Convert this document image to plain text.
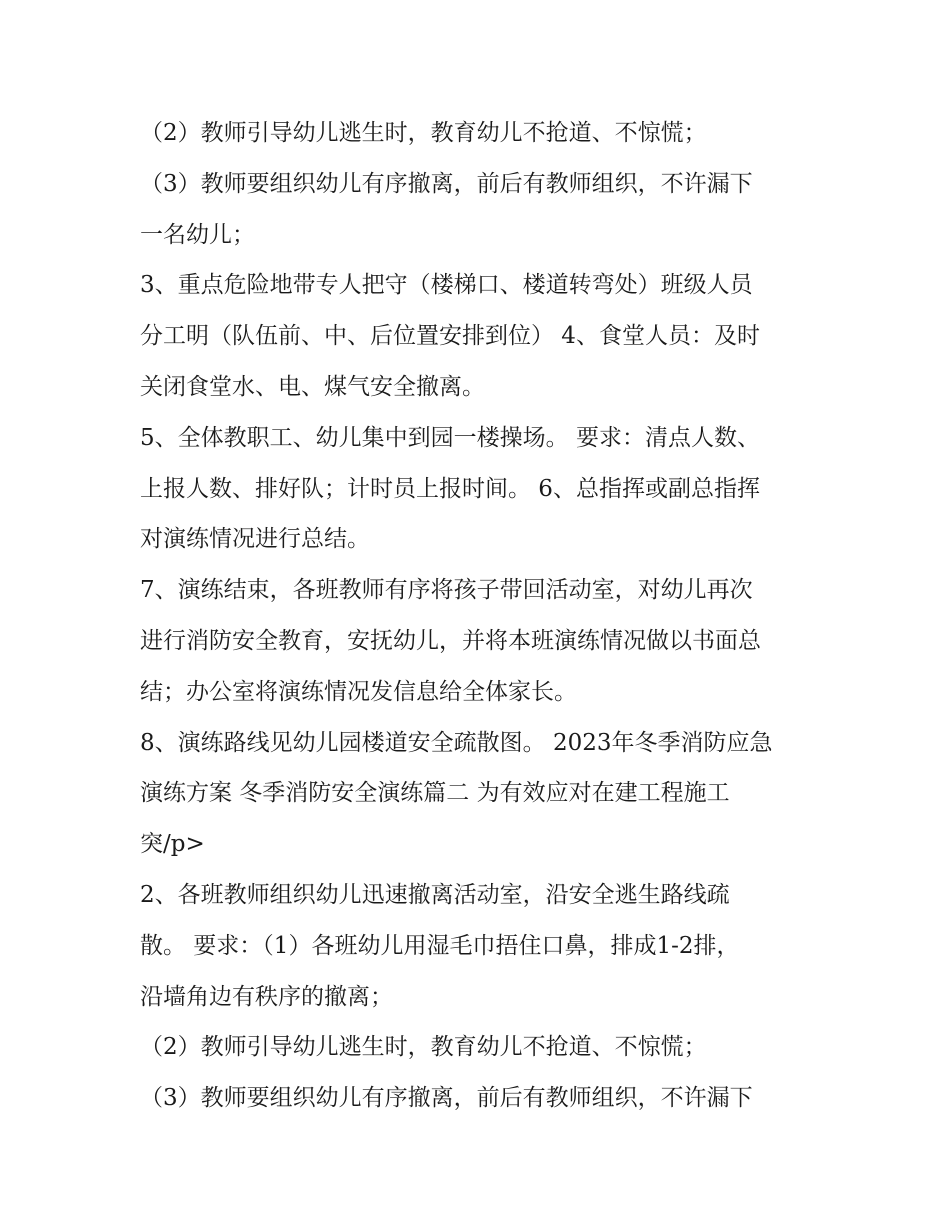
（2）教师引导幼儿逃生时，教育幼儿不抢道、不惊慌；
（3）教师要组织幼儿有序撤离，前后有教师组织，不许漏下
一名幼儿；
3、重点危险地带专人把守（楼梯口、楼道转弯处）班级人员
分工明（队伍前、中、后位置安排到位） 4、食堂人员：及时
关闭食堂水、电、煤气安全撤离。
5、全体教职工、幼儿集中到园一楼操场。 要求：清点人数、
上报人数、排好队；计时员上报时间。 6、总指挥或副总指挥
对演练情况进行总结。
7、演练结束，各班教师有序将孩子带回活动室，对幼儿再次
进行消防安全教育，安抚幼儿，并将本班演练情况做以书面总
结；办公室将演练情况发信息给全体家长。
8、演练路线见幼儿园楼道安全疏散图。 2023年冬季消防应急
演练方案 冬季消防安全演练篇二 为有效应对在建工程施工
突/p>
2、各班教师组织幼儿迅速撤离活动室，沿安全逃生路线疏
散。 要求：（1）各班幼儿用湿毛巾捂住口鼻，排成1-2排，
沿墙角边有秩序的撤离；
（2）教师引导幼儿逃生时，教育幼儿不抢道、不惊慌；
（3）教师要组织幼儿有序撤离，前后有教师组织，不许漏下
